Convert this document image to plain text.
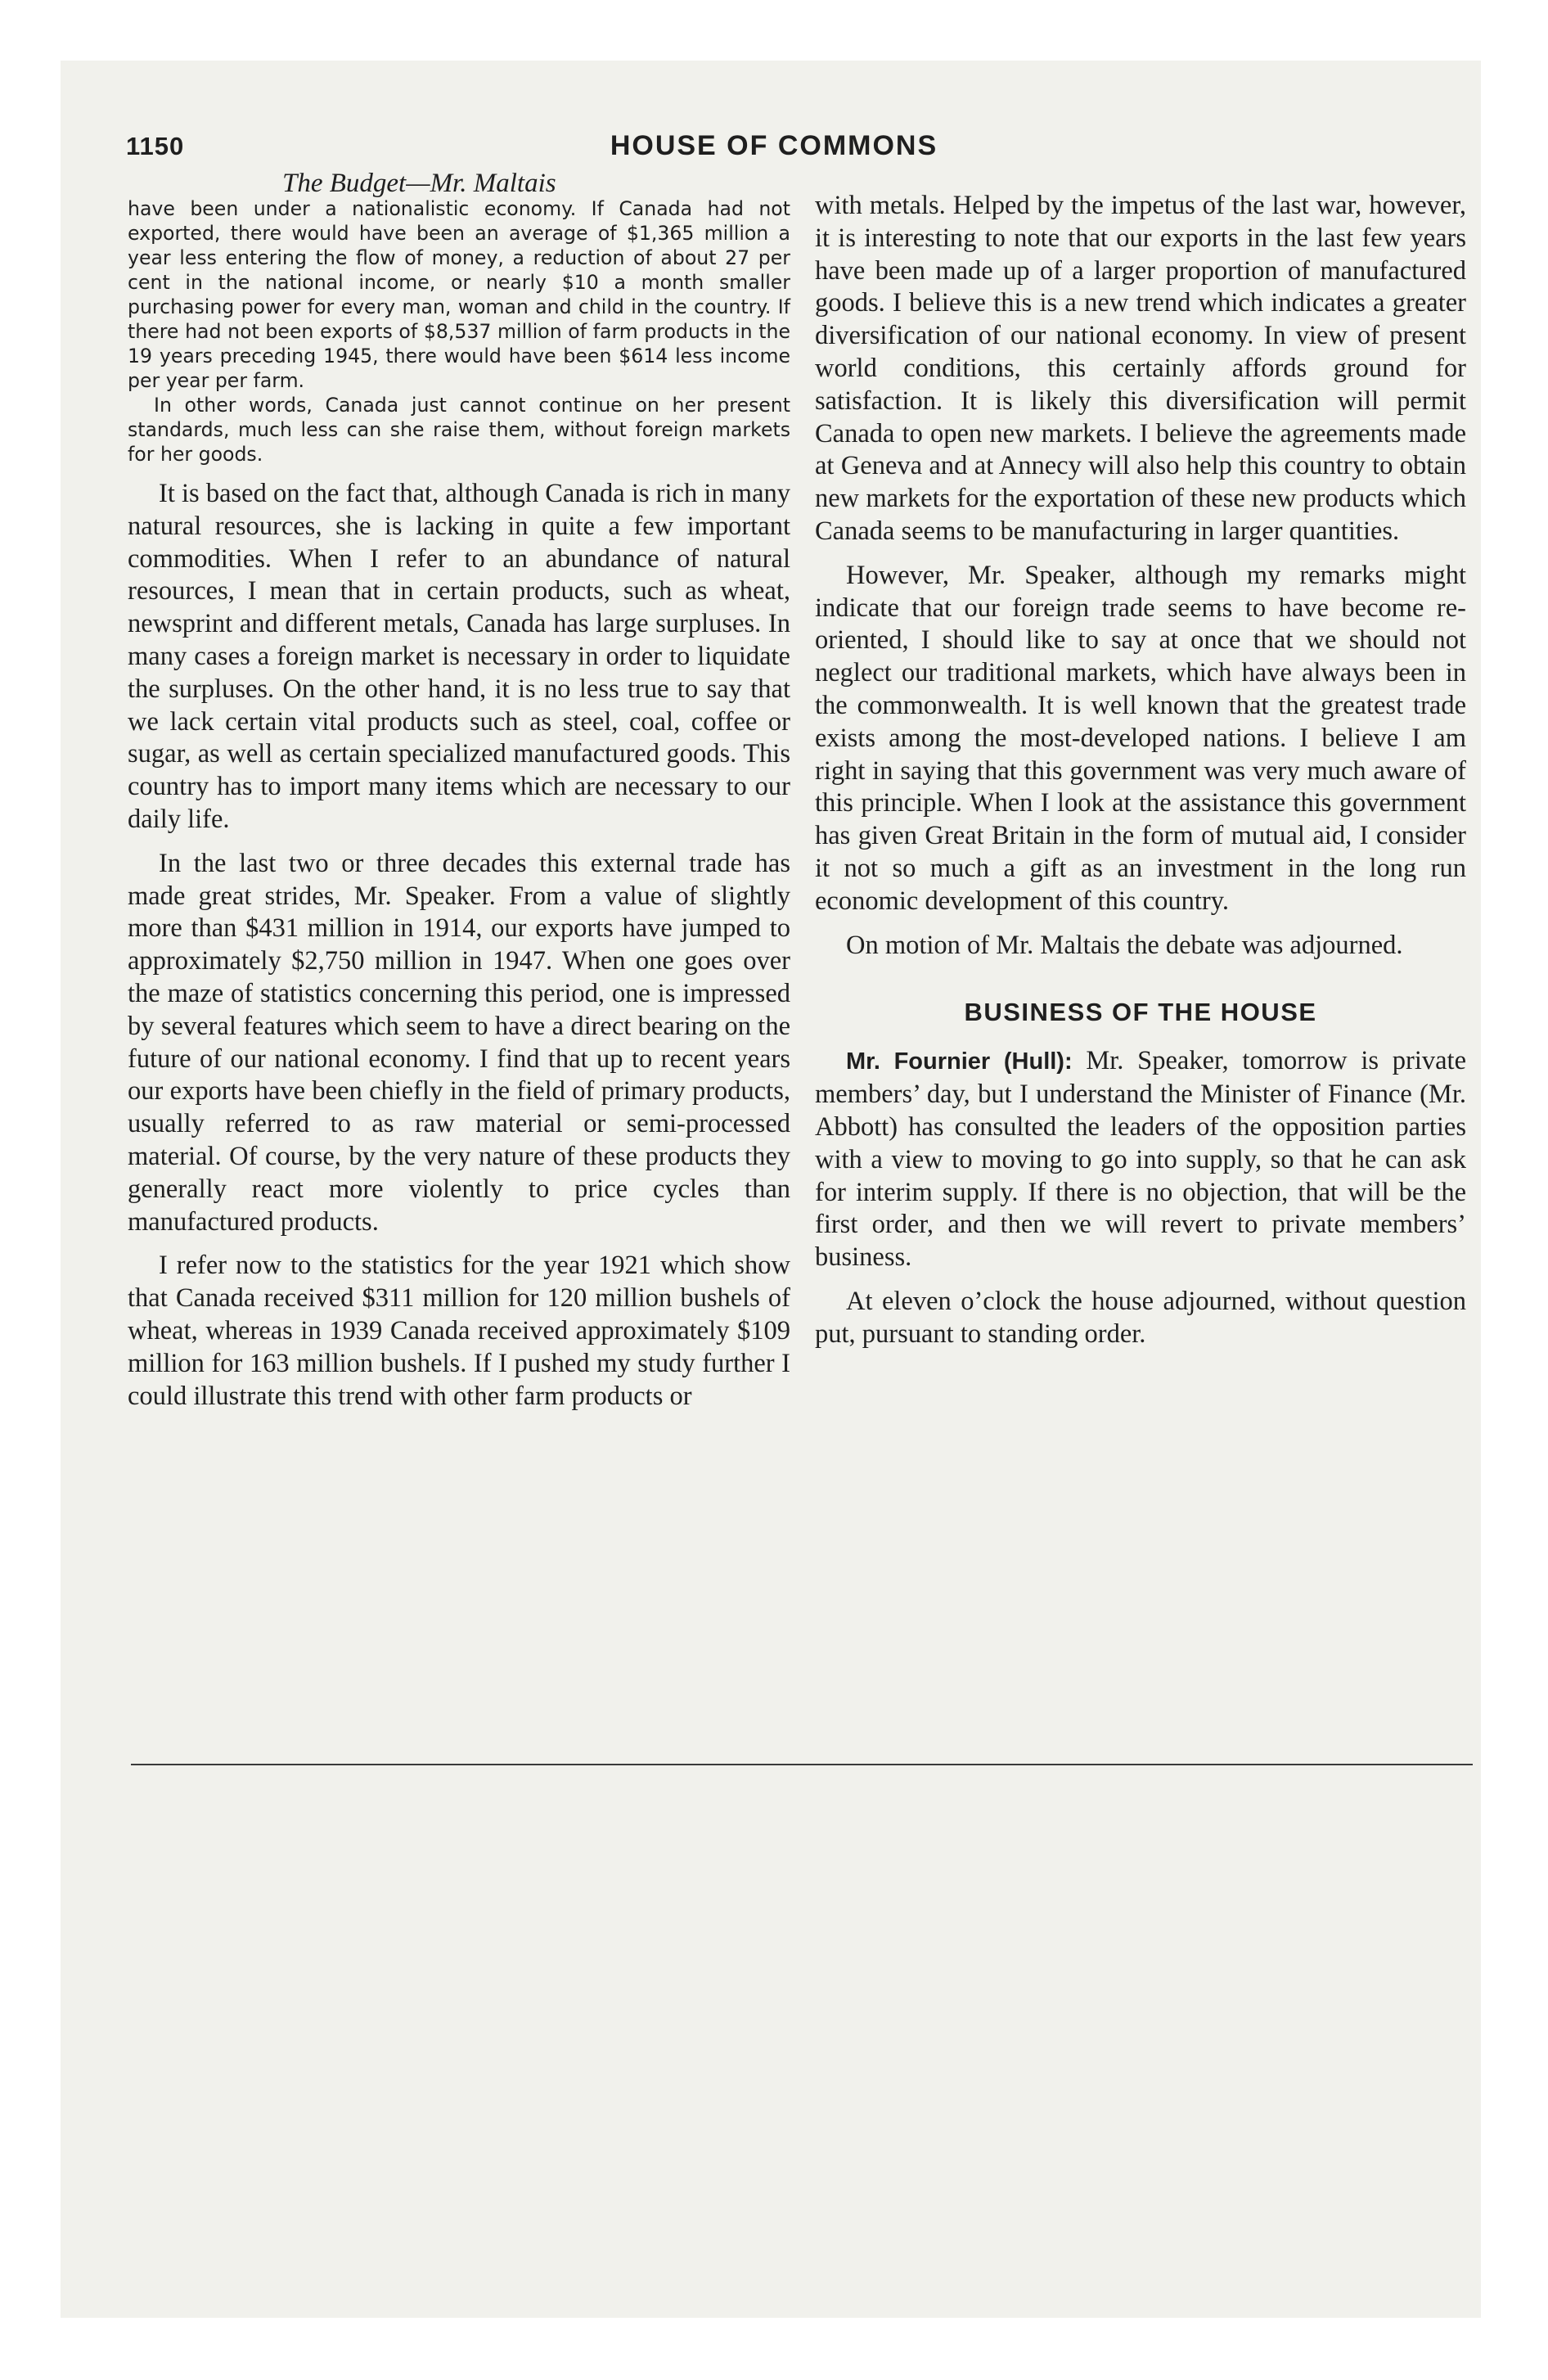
1150	HOUSE OF COMMONS
The Budget—Mr. Maltais

have been under a nationalistic economy. If Canada had not exported, there would have been an average of $1,365 million a year less entering the flow of money, a reduction of about 27 per cent in the national income, or nearly $10 a month smaller purchasing power for every man, woman and child in the country. If there had not been exports of $8,537 million of farm products in the 19 years preceding 1945, there would have been $614 less income per year per farm.

In other words, Canada just cannot continue on her present standards, much less can she raise them, without foreign markets for her goods.

It is based on the fact that, although Canada is rich in many natural resources, she is lacking in quite a few important commodities. When I refer to an abundance of natural resources, I mean that in certain products, such as wheat, newsprint and different metals, Canada has large surpluses. In many cases a foreign market is necessary in order to liquidate the surpluses. On the other hand, it is no less true to say that we lack certain vital products such as steel, coal, coffee or sugar, as well as certain specialized manufactured goods. This country has to import many items which are necessary to our daily life.

In the last two or three decades this external trade has made great strides, Mr. Speaker. From a value of slightly more than $431 million in 1914, our exports have jumped to approximately $2,750 million in 1947. When one goes over the maze of statistics concerning this period, one is impressed by several features which seem to have a direct bearing on the future of our national economy. I find that up to recent years our exports have been chiefly in the field of primary products, usually referred to as raw material or semi-processed material. Of course, by the very nature of these products they generally react more violently to price cycles than manufactured products.

I refer now to the statistics for the year 1921 which show that Canada received $311 million for 120 million bushels of wheat, whereas in 1939 Canada received approximately $109 million for 163 million bushels. If I pushed my study further I could illustrate this trend with other farm products or

with metals. Helped by the impetus of the last war, however, it is interesting to note that our exports in the last few years have been made up of a larger proportion of manufactured goods. I believe this is a new trend which indicates a greater diversification of our national economy. In view of present world conditions, this certainly affords ground for satisfaction. It is likely this diversification will permit Canada to open new markets. I believe the agreements made at Geneva and at Annecy will also help this country to obtain new markets for the exportation of these new products which Canada seems to be manufacturing in larger quantities.

However, Mr. Speaker, although my remarks might indicate that our foreign trade seems to have become re-oriented, I should like to say at once that we should not neglect our traditional markets, which have always been in the commonwealth. It is well known that the greatest trade exists among the most-developed nations. I believe I am right in saying that this government was very much aware of this principle. When I look at the assistance this government has given Great Britain in the form of mutual aid, I consider it not so much a gift as an investment in the long run economic development of this country.

On motion of Mr. Maltais the debate was adjourned.

BUSINESS OF THE HOUSE

Mr. Fournier (Hull): Mr. Speaker, tomorrow is private members’ day, but I understand the Minister of Finance (Mr. Abbott) has consulted the leaders of the opposition parties with a view to moving to go into supply, so that he can ask for interim supply. If there is no objection, that will be the first order, and then we will revert to private members’ business.

At eleven o’clock the house adjourned, without question put, pursuant to standing order.
